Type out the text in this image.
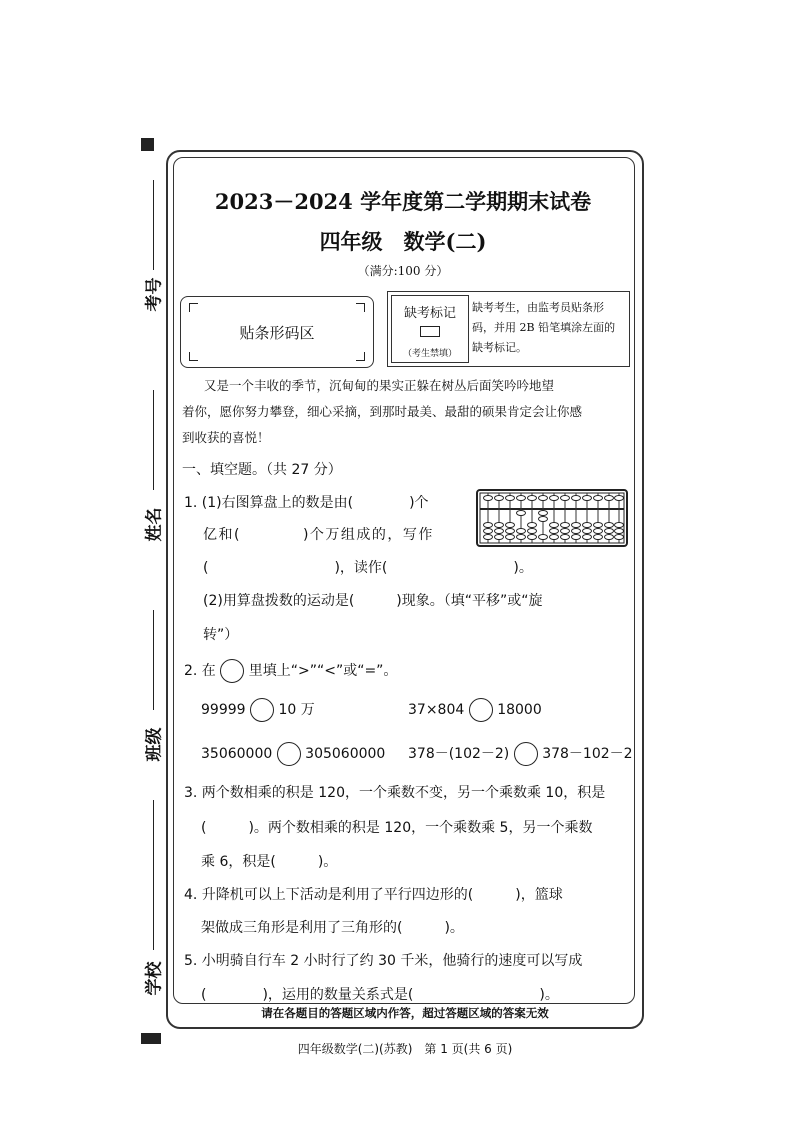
考号
姓名
班级
学校
2023－2024 学年度第二学期期末试卷
四年级　数学(二)
（满分:100 分）
贴条形码区
缺考标记
（考生禁填）
缺考考生，由监考员贴条形码，并用 2B 铅笔填涂左面的缺考标记。
又是一个丰收的季节，沉甸甸的果实正躲在树丛后面笑吟吟地望
着你，愿你努力攀登，细心采摘，到那时最美、最甜的硕果肯定会让你感
到收获的喜悦！
一、填空题。（共 27 分）
1. (1)右图算盘上的数是由(　　　　)个
亿和(　　　　)个万组成的，写作
(　　　　　　　　　)，读作(　　　　　　　　　)。
(2)用算盘拨数的运动是(　　　)现象。（填“平移”或“旋
转”）
2. 在 里填上“>”“<”或“=”。
99999 10 万	37×804 18000
35060000 305060000 378－(102－2) 378－102－2
3. 两个数相乘的积是 120，一个乘数不变，另一个乘数乘 10，积是
(　　　)。两个数相乘的积是 120，一个乘数乘 5，另一个乘数
乘 6，积是(　　　)。
4. 升降机可以上下活动是利用了平行四边形的(　　　)，篮球
架做成三角形是利用了三角形的(　　　)。
5. 小明骑自行车 2 小时行了约 30 千米，他骑行的速度可以写成
(　　　　)，运用的数量关系式是(　　　　　　　　　)。
请在各题目的答题区域内作答，超过答题区域的答案无效
四年级数学(二)(苏教)　第 1 页(共 6 页)
